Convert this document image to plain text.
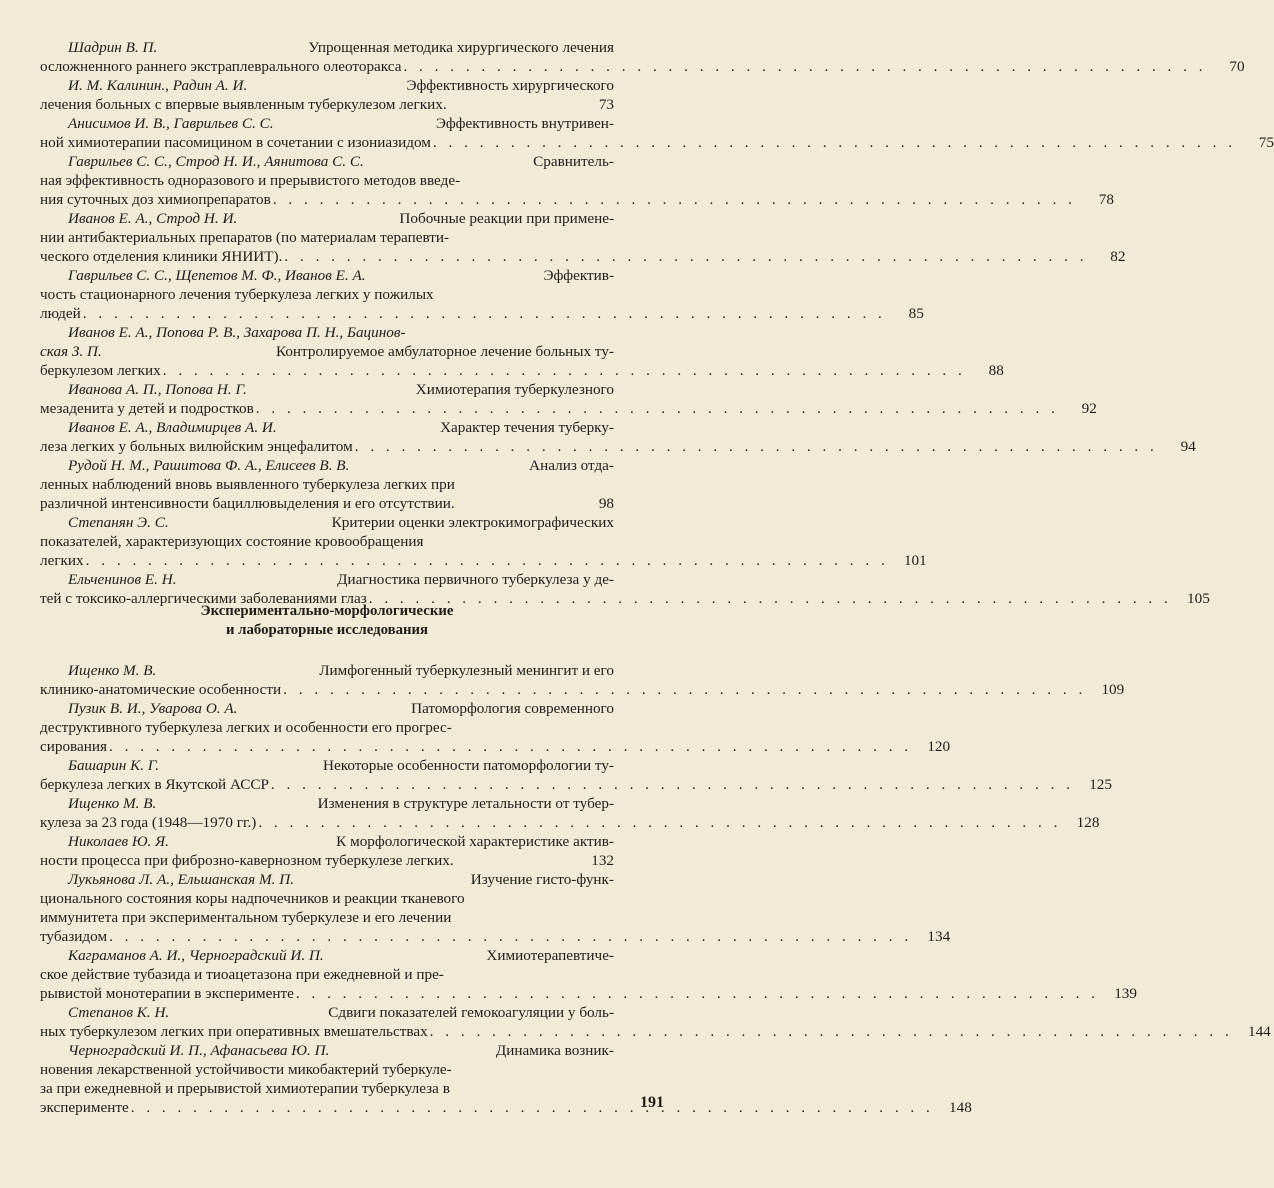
Шадрин В. П.	Упрощенная методика хирургического лечения
осложненного раннего экстраплеврального олеоторакса . . .	70
И. М. Калинин., Радин А. И.	Эффективность хирургического
лечения больных с впервые выявленным туберкулезом легких.	73
Анисимов И. В., Гаврильев С. С.	Эффективность внутривен-
ной химиотерапии пасомицином в сочетании с изониазидом . . .	75
Гаврильев С. С., Строд Н. И., Аянитова С. С.	Сравнитель-
ная эффективность одноразового и прерывистого методов введе-
ния суточных доз химиопрепаратов . . .	78
Иванов Е. А., Строд Н. И.	Побочные реакции при примене-
нии антибактериальных препаратов (по материалам терапевти-
ческого отделения клиники ЯНИИТ). . . .	82
Гаврильев С. С., Щепетов М. Ф., Иванов Е. А.	Эффектив-
чость стационарного лечения туберкулеза легких у пожилых
людей . . .	85
Иванов Е. А., Попова Р. В., Захарова П. Н., Бацинов-
ская З. П.	Контролируемое амбулаторное лечение больных ту-
беркулезом легких . . .	88
Иванова А. П., Попова Н. Г.	Химиотерапия туберкулезного
мезаденита у детей и подростков . . .	92
Иванов Е. А., Владимирцев А. И.	Характер течения туберку-
леза легких у больных вилюйским энцефалитом . . .	94
Рудой Н. М., Рашитова Ф. А., Елисеев В. В.	Анализ отда-
ленных наблюдений вновь выявленного туберкулеза легких при
различной интенсивности бациллювыделения и его отсутствии.	98
Степанян Э. С.	Критерии оценки электрокимографических
показателей, характеризующих состояние кровообращения
легких . . .	101
Ельченинов Е. Н.	Диагностика первичного туберкулеза у де-
тей с токсико-аллергическими заболеваниями глаз . . .	105
Экспериментально-морфологические
и лабораторные исследования
Ищенко М. В.	Лимфогенный туберкулезный менингит и его
клинико-анатомические особенности . . .	109
Пузик В. И., Уварова О. А.	Патоморфология современного
деструктивного туберкулеза легких и особенности его прогрес-
сирования . . .	120
Башарин К. Г.	Некоторые особенности патоморфологии ту-
беркулеза легких в Якутской АССР . . .	125
Ищенко М. В.	Изменения в структуре летальности от тубер-
кулеза за 23 года (1948—1970 гг.) . . .	128
Николаев Ю. Я.	К морфологической характеристике актив-
ности процесса при фиброзно-кавернозном туберкулезе легких.	132
Лукьянова Л. А., Ельшанская М. П.	Изучение гисто-функ-
ционального состояния коры надпочечников и реакции тканевого
иммунитета при экспериментальном туберкулезе и его лечении
тубазидом . . .	134
Каграманов А. И., Черноградский И. П.	Химиотерапевтиче-
ское действие тубазида и тиоацетазона при ежедневной и пре-
рывистой монотерапии в эксперименте . . .	139
Степанов К. Н.	Сдвиги показателей гемокоагуляции у боль-
ных туберкулезом легких при оперативных вмешательствах . . .	144
Черноградский И. П., Афанасьева Ю. П.	Динамика возник-
новения лекарственной устойчивости микобактерий туберкуле-
за при ежедневной и прерывистой химиотерапии туберкулеза в
эксперименте . . .	148
191
